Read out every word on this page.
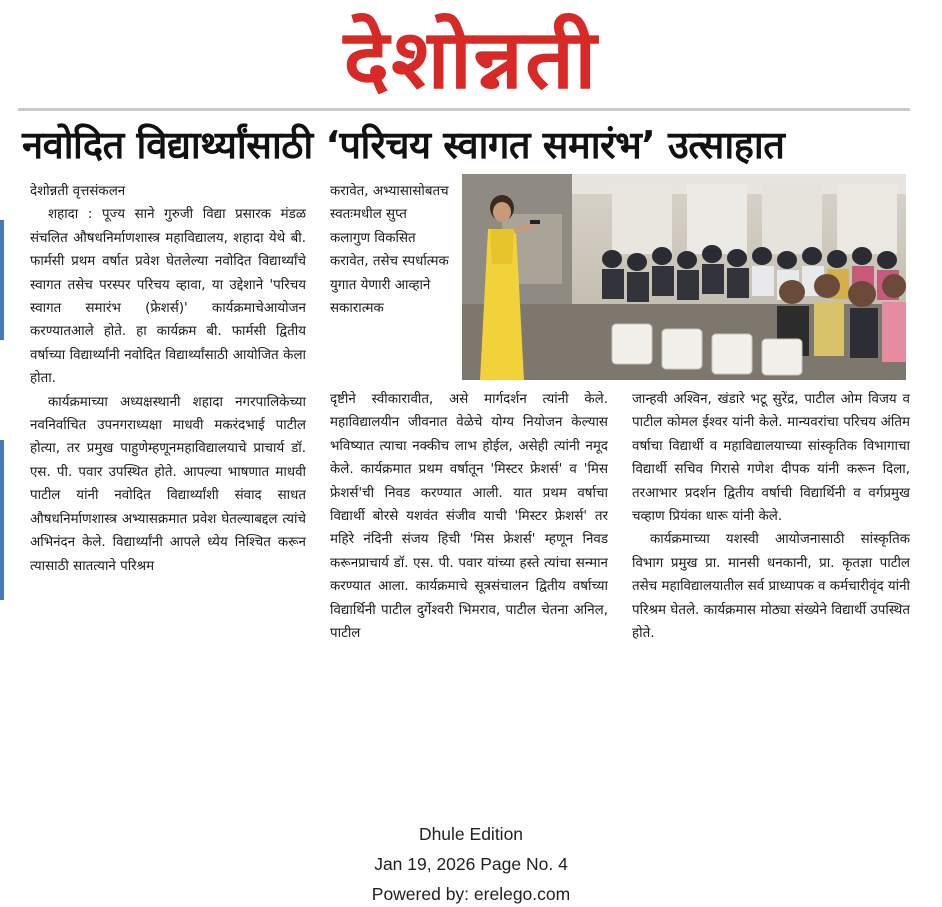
देशोन्नती
नवोदित विद्यार्थ्यांसाठी ‘परिचय स्वागत समारंभ’ उत्साहात

देशोन्नती वृत्तसंकलन

शहादा : पूज्य साने गुरुजी विद्या प्रसारक मंडळ संचलित औषधनिर्माणशास्त्र महाविद्यालय, शहादा येथे बी. फार्मसी प्रथम वर्षात प्रवेश घेतलेल्या नवोदित विद्यार्थ्यांचे स्वागत तसेच परस्पर परिचय व्हावा, या उद्देशाने 'परिचय स्वागत समारंभ (फ्रेशर्स)' कार्यक्रमाचेआयोजन करण्यातआले होते. हा कार्यक्रम बी. फार्मसी द्वितीय वर्षाच्या विद्यार्थ्यांनी नवोदित विद्यार्थ्यांसाठी आयोजित केला होता.

कार्यक्रमाच्या अध्यक्षस्थानी शहादा नगरपालिकेच्या नवनिर्वाचित उपनगराध्यक्षा माधवी मकरंदभाई पाटील होत्या, तर प्रमुख पाहुणेम्हणूनमहाविद्यालयाचे प्राचार्य डॉ. एस. पी. पवार उपस्थित होते. आपल्या भाषणात माधवी पाटील यांनी नवोदित विद्यार्थ्यांशी संवाद साधत औषधनिर्माणशास्त्र अभ्यासक्रमात प्रवेश घेतल्याबद्दल त्यांचे अभिनंदन केले. विद्यार्थ्यांनी आपले ध्येय निश्चित करून त्यासाठी सातत्याने परिश्रम

करावेत, अभ्यासासोबतच स्वतःमधील सुप्त कलागुण विकसित करावेत, तसेच स्पर्धात्मक युगात येणारी आव्हाने सकारात्मक

दृष्टीने स्वीकारावीत, असे मार्गदर्शन त्यांनी केले. महाविद्यालयीन जीवनात वेळेचे योग्य नियोजन केल्यास भविष्यात त्याचा नक्कीच लाभ होईल, असेही त्यांनी नमूद केले. कार्यक्रमात प्रथम वर्षातून 'मिस्टर फ्रेशर्स' व 'मिस फ्रेशर्स'ची निवड करण्यात आली. यात प्रथम वर्षाचा विद्यार्थी बोरसे यशवंत संजीव याची 'मिस्टर फ्रेशर्स' तर महिरे नंदिनी संजय हिची 'मिस फ्रेशर्स' म्हणून निवड करूनप्राचार्य डॉ. एस. पी. पवार यांच्या हस्ते त्यांचा सन्मान करण्यात आला. कार्यक्रमाचे सूत्रसंचालन द्वितीय वर्षाच्या विद्यार्थिनी पाटील दुर्गेश्वरी भिमराव, पाटील चेतना अनिल, पाटील

जान्हवी अश्विन, खंडारे भटू सुरेंद्र, पाटील ओम विजय व पाटील कोमल ईश्वर यांनी केले. मान्यवरांचा परिचय अंतिम वर्षाचा विद्यार्थी व महाविद्यालयाच्या सांस्कृतिक विभागाचा विद्यार्थी सचिव गिरासे गणेश दीपक यांनी करून दिला, तरआभार प्रदर्शन द्वितीय वर्षाची विद्यार्थिनी व वर्गप्रमुख चव्हाण प्रियंका धारू यांनी केले.

कार्यक्रमाच्या यशस्वी आयोजनासाठी सांस्कृतिक विभाग प्रमुख प्रा. मानसी धनकानी, प्रा. कृतज्ञा पाटील तसेच महाविद्यालयातील सर्व प्राध्यापक व कर्मचारीवृंद यांनी परिश्रम घेतले. कार्यक्रमास मोठ्या संख्येने विद्यार्थी उपस्थित होते.

Dhule Edition
Jan 19, 2026 Page No. 4
Powered by: erelego.com
